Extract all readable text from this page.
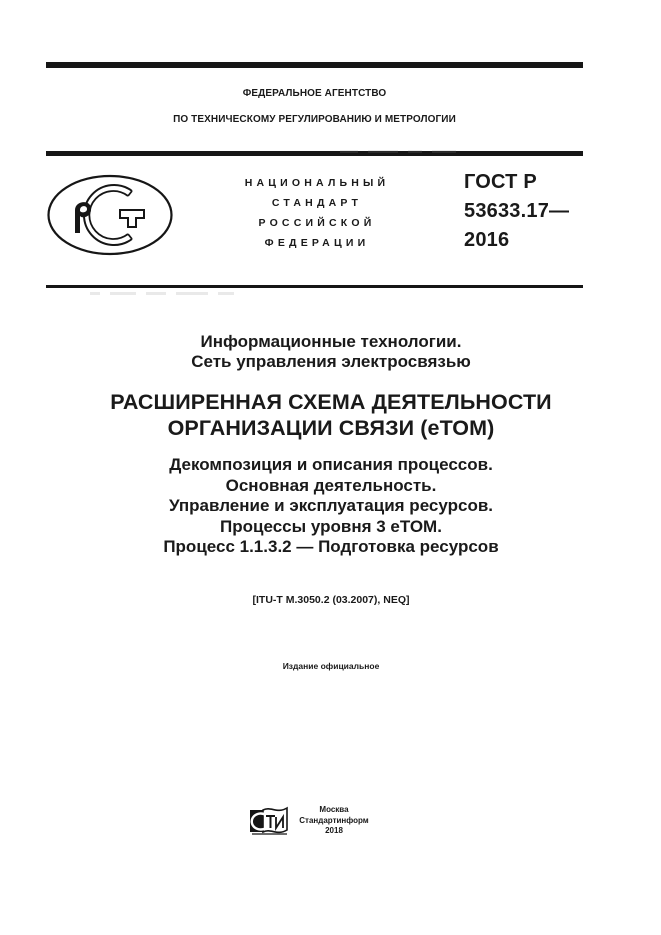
ФЕДЕРАЛЬНОЕ АГЕНТСТВО
ПО ТЕХНИЧЕСКОМУ РЕГУЛИРОВАНИЮ И МЕТРОЛОГИИ
НАЦИОНАЛЬНЫЙ
СТАНДАРТ
РОССИЙСКОЙ
ФЕДЕРАЦИИ
ГОСТ Р
53633.17—
2016
Информационные технологии.
Сеть управления электросвязью
РАСШИРЕННАЯ СХЕМА ДЕЯТЕЛЬНОСТИ
ОРГАНИЗАЦИИ СВЯЗИ (еТОМ)
Декомпозиция и описания процессов.
Основная деятельность.
Управление и эксплуатация ресурсов.
Процессы уровня 3 еТОМ.
Процесс 1.1.3.2 — Подготовка ресурсов
[ITU-T M.3050.2 (03.2007), NEQ]
Издание официальное
Москва
Стандартинформ
2018
